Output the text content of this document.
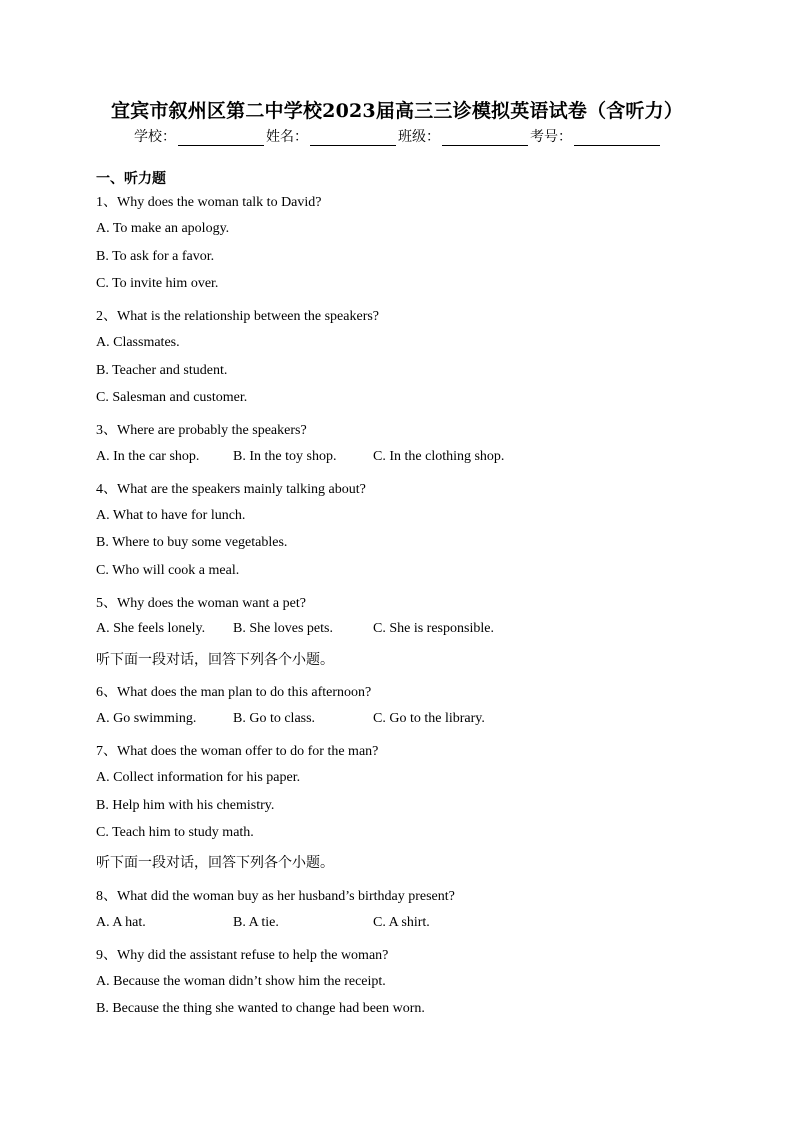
宜宾市叙州区第二中学校2023届高三三诊模拟英语试卷（含听力）
学校：	姓名：	班级：	考号：
一、听力题
1、Why does the woman talk to David?
A. To make an apology.
B. To ask for a favor.
C. To invite him over.
2、What is the relationship between the speakers?
A. Classmates.
B. Teacher and student.
C. Salesman and customer.
3、Where are probably the speakers?
A. In the car shop. B. In the toy shop.	C. In the clothing shop.
4、What are the speakers mainly talking about?
A. What to have for lunch.
B. Where to buy some vegetables.
C. Who will cook a meal.
5、Why does the woman want a pet?
A. She feels lonely. B. She loves pets.	C. She is responsible.
听下面一段对话，回答下列各个小题。
6、What does the man plan to do this afternoon?
A. Go swimming.	B. Go to class.	C. Go to the library.
7、What does the woman offer to do for the man?
A. Collect information for his paper.
B. Help him with his chemistry.
C. Teach him to study math.
听下面一段对话，回答下列各个小题。
8、What did the woman buy as her husband’s birthday present?
A. A hat.	B. A tie.	C. A shirt.
9、Why did the assistant refuse to help the woman?
A. Because the woman didn’t show him the receipt.
B. Because the thing she wanted to change had been worn.
